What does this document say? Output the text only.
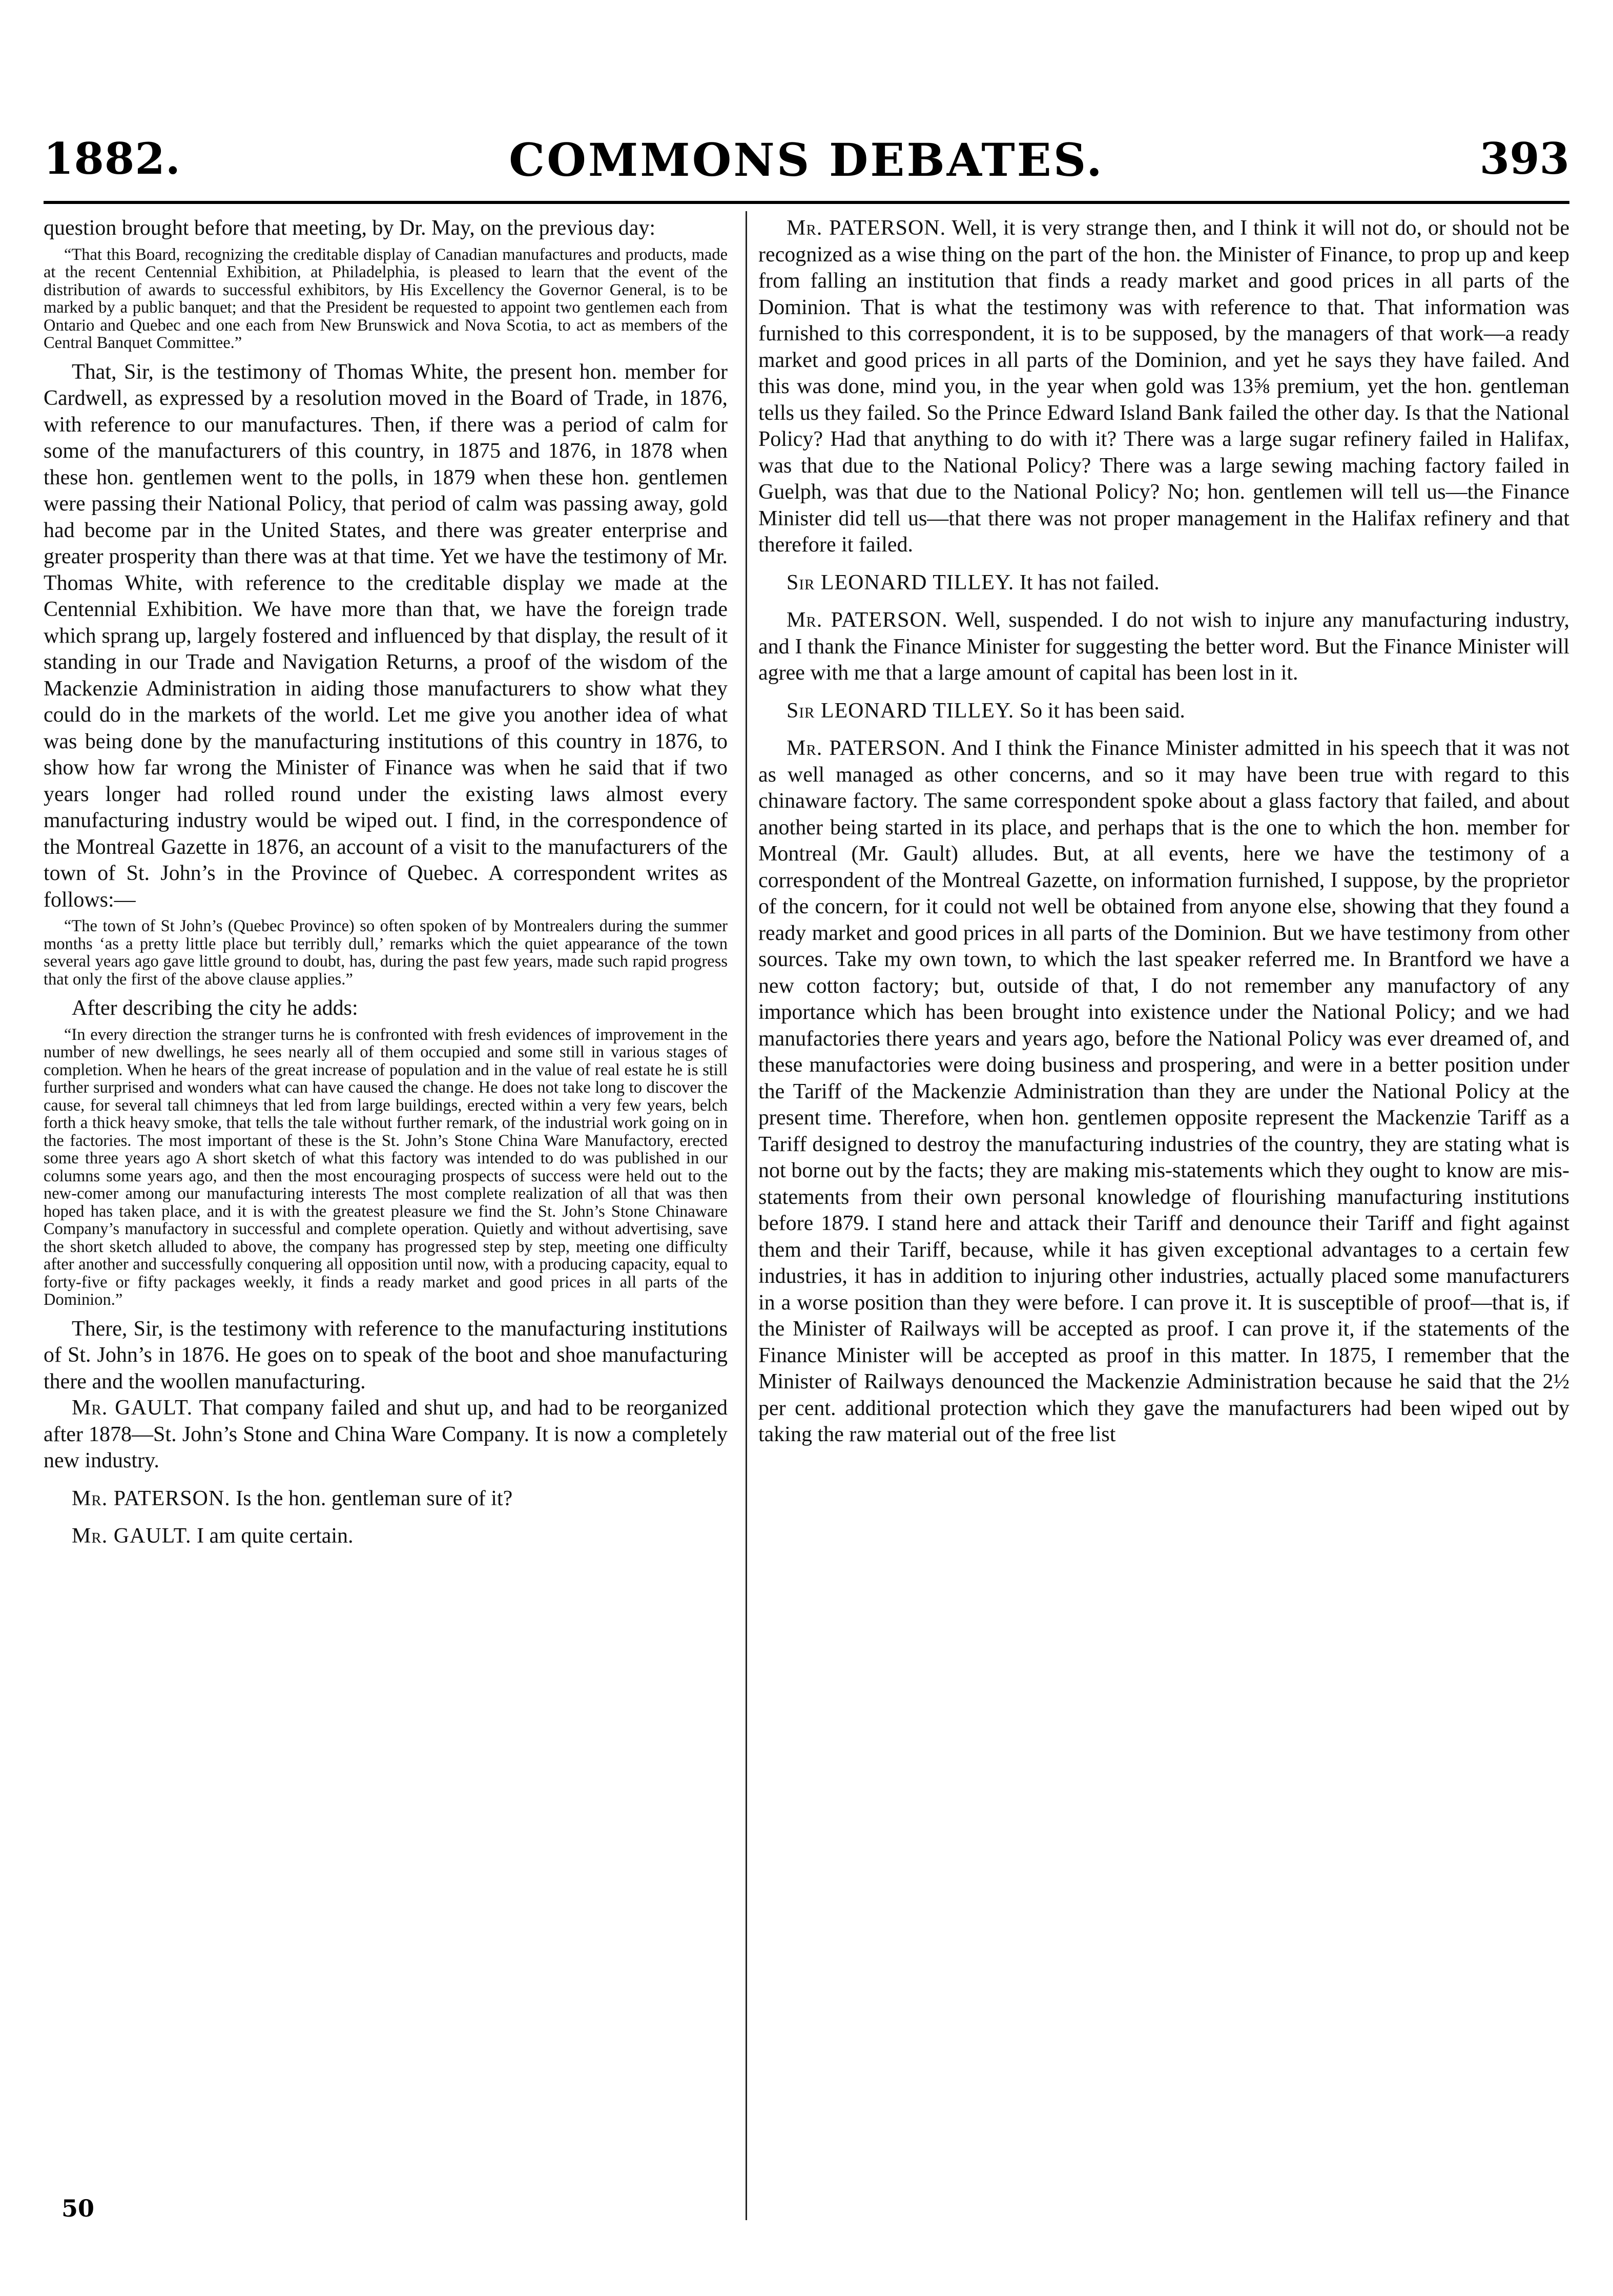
1882.	COMMONS DEBATES.	393

question brought before that meeting, by Dr. May, on the previous day:

“That this Board, recognizing the creditable display of Canadian manufactures and products, made at the recent Centennial Exhibition, at Philadelphia, is pleased to learn that the event of the distribution of awards to successful exhibitors, by His Excellency the Governor General, is to be marked by a public banquet; and that the President be requested to appoint two gentlemen each from Ontario and Quebec and one each from New Brunswick and Nova Scotia, to act as members of the Central Banquet Committee.”

That, Sir, is the testimony of Thomas White, the present hon. member for Cardwell, as expressed by a resolution moved in the Board of Trade, in 1876, with reference to our manufactures. Then, if there was a period of calm for some of the manufacturers of this country, in 1875 and 1876, in 1878 when these hon. gentlemen went to the polls, in 1879 when these hon. gentlemen were passing their National Policy, that period of calm was passing away, gold had become par in the United States, and there was greater enterprise and greater prosperity than there was at that time. Yet we have the testimony of Mr. Thomas White, with reference to the creditable display we made at the Centennial Exhibition. We have more than that, we have the foreign trade which sprang up, largely fostered and influenced by that display, the result of it standing in our Trade and Navigation Returns, a proof of the wisdom of the Mackenzie Administration in aiding those manufacturers to show what they could do in the markets of the world. Let me give you another idea of what was being done by the manufacturing institutions of this country in 1876, to show how far wrong the Minister of Finance was when he said that if two years longer had rolled round under the existing laws almost every manufacturing industry would be wiped out. I find, in the correspondence of the Montreal Gazette in 1876, an account of a visit to the manufacturers of the town of St. John’s in the Province of Quebec. A correspondent writes as follows:—

“The town of St John’s (Quebec Province) so often spoken of by Montrealers during the summer months ‘as a pretty little place but terribly dull,’ remarks which the quiet appearance of the town several years ago gave little ground to doubt, has, during the past few years, made such rapid progress that only the first of the above clause applies.”

After describing the city he adds:

“In every direction the stranger turns he is confronted with fresh evidences of improvement in the number of new dwellings, he sees nearly all of them occupied and some still in various stages of completion. When he hears of the great increase of population and in the value of real estate he is still further surprised and wonders what can have caused the change. He does not take long to discover the cause, for several tall chimneys that led from large buildings, erected within a very few years, belch forth a thick heavy smoke, that tells the tale without further remark, of the industrial work going on in the factories. The most important of these is the St. John’s Stone China Ware Manufactory, erected some three years ago A short sketch of what this factory was intended to do was published in our columns some years ago, and then the most encouraging prospects of success were held out to the new-comer among our manufacturing interests The most complete realization of all that was then hoped has taken place, and it is with the greatest pleasure we find the St. John’s Stone Chinaware Company’s manufactory in successful and complete operation. Quietly and without advertising, save the short sketch alluded to above, the company has progressed step by step, meeting one difficulty after another and successfully conquering all opposition until now, with a producing capacity, equal to forty-five or fifty packages weekly, it finds a ready market and good prices in all parts of the Dominion.”

There, Sir, is the testimony with reference to the manufacturing institutions of St. John’s in 1876. He goes on to speak of the boot and shoe manufacturing there and the woollen manufacturing.

Mr. GAULT. That company failed and shut up, and had to be reorganized after 1878—St. John’s Stone and China Ware Company. It is now a completely new industry.

Mr. PATERSON. Is the hon. gentleman sure of it?

Mr. GAULT. I am quite certain.

Mr. PATERSON. Well, it is very strange then, and I think it will not do, or should not be recognized as a wise thing on the part of the hon. the Minister of Finance, to prop up and keep from falling an institution that finds a ready market and good prices in all parts of the Dominion. That is what the testimony was with reference to that. That information was furnished to this correspondent, it is to be supposed, by the managers of that work—a ready market and good prices in all parts of the Dominion, and yet he says they have failed. And this was done, mind you, in the year when gold was 13⅝ premium, yet the hon. gentleman tells us they failed. So the Prince Edward Island Bank failed the other day. Is that the National Policy? Had that anything to do with it? There was a large sugar refinery failed in Halifax, was that due to the National Policy? There was a large sewing maching factory failed in Guelph, was that due to the National Policy? No; hon. gentlemen will tell us—the Finance Minister did tell us—that there was not proper management in the Halifax refinery and that therefore it failed.

Sir LEONARD TILLEY. It has not failed.

Mr. PATERSON. Well, suspended. I do not wish to injure any manufacturing industry, and I thank the Finance Minister for suggesting the better word. But the Finance Minister will agree with me that a large amount of capital has been lost in it.

Sir LEONARD TILLEY. So it has been said.

Mr. PATERSON. And I think the Finance Minister admitted in his speech that it was not as well managed as other concerns, and so it may have been true with regard to this chinaware factory. The same correspondent spoke about a glass factory that failed, and about another being started in its place, and perhaps that is the one to which the hon. member for Montreal (Mr. Gault) alludes. But, at all events, here we have the testimony of a correspondent of the Montreal Gazette, on information furnished, I suppose, by the proprietor of the concern, for it could not well be obtained from anyone else, showing that they found a ready market and good prices in all parts of the Dominion. But we have testimony from other sources. Take my own town, to which the last speaker referred me. In Brantford we have a new cotton factory; but, outside of that, I do not remember any manufactory of any importance which has been brought into existence under the National Policy; and we had manufactories there years and years ago, before the National Policy was ever dreamed of, and these manufactories were doing business and prospering, and were in a better position under the Tariff of the Mackenzie Administration than they are under the National Policy at the present time. Therefore, when hon. gentlemen opposite represent the Mackenzie Tariff as a Tariff designed to destroy the manufacturing industries of the country, they are stating what is not borne out by the facts; they are making mis-statements which they ought to know are mis-statements from their own personal knowledge of flourishing manufacturing institutions before 1879. I stand here and attack their Tariff and denounce their Tariff and fight against them and their Tariff, because, while it has given exceptional advantages to a certain few industries, it has in addition to injuring other industries, actually placed some manufacturers in a worse position than they were before. I can prove it. It is susceptible of proof—that is, if the Minister of Railways will be accepted as proof. I can prove it, if the statements of the Finance Minister will be accepted as proof in this matter. In 1875, I remember that the Minister of Railways denounced the Mackenzie Administration because he said that the 2½ per cent. additional protection which they gave the manufacturers had been wiped out by taking the raw material out of the free list

50
